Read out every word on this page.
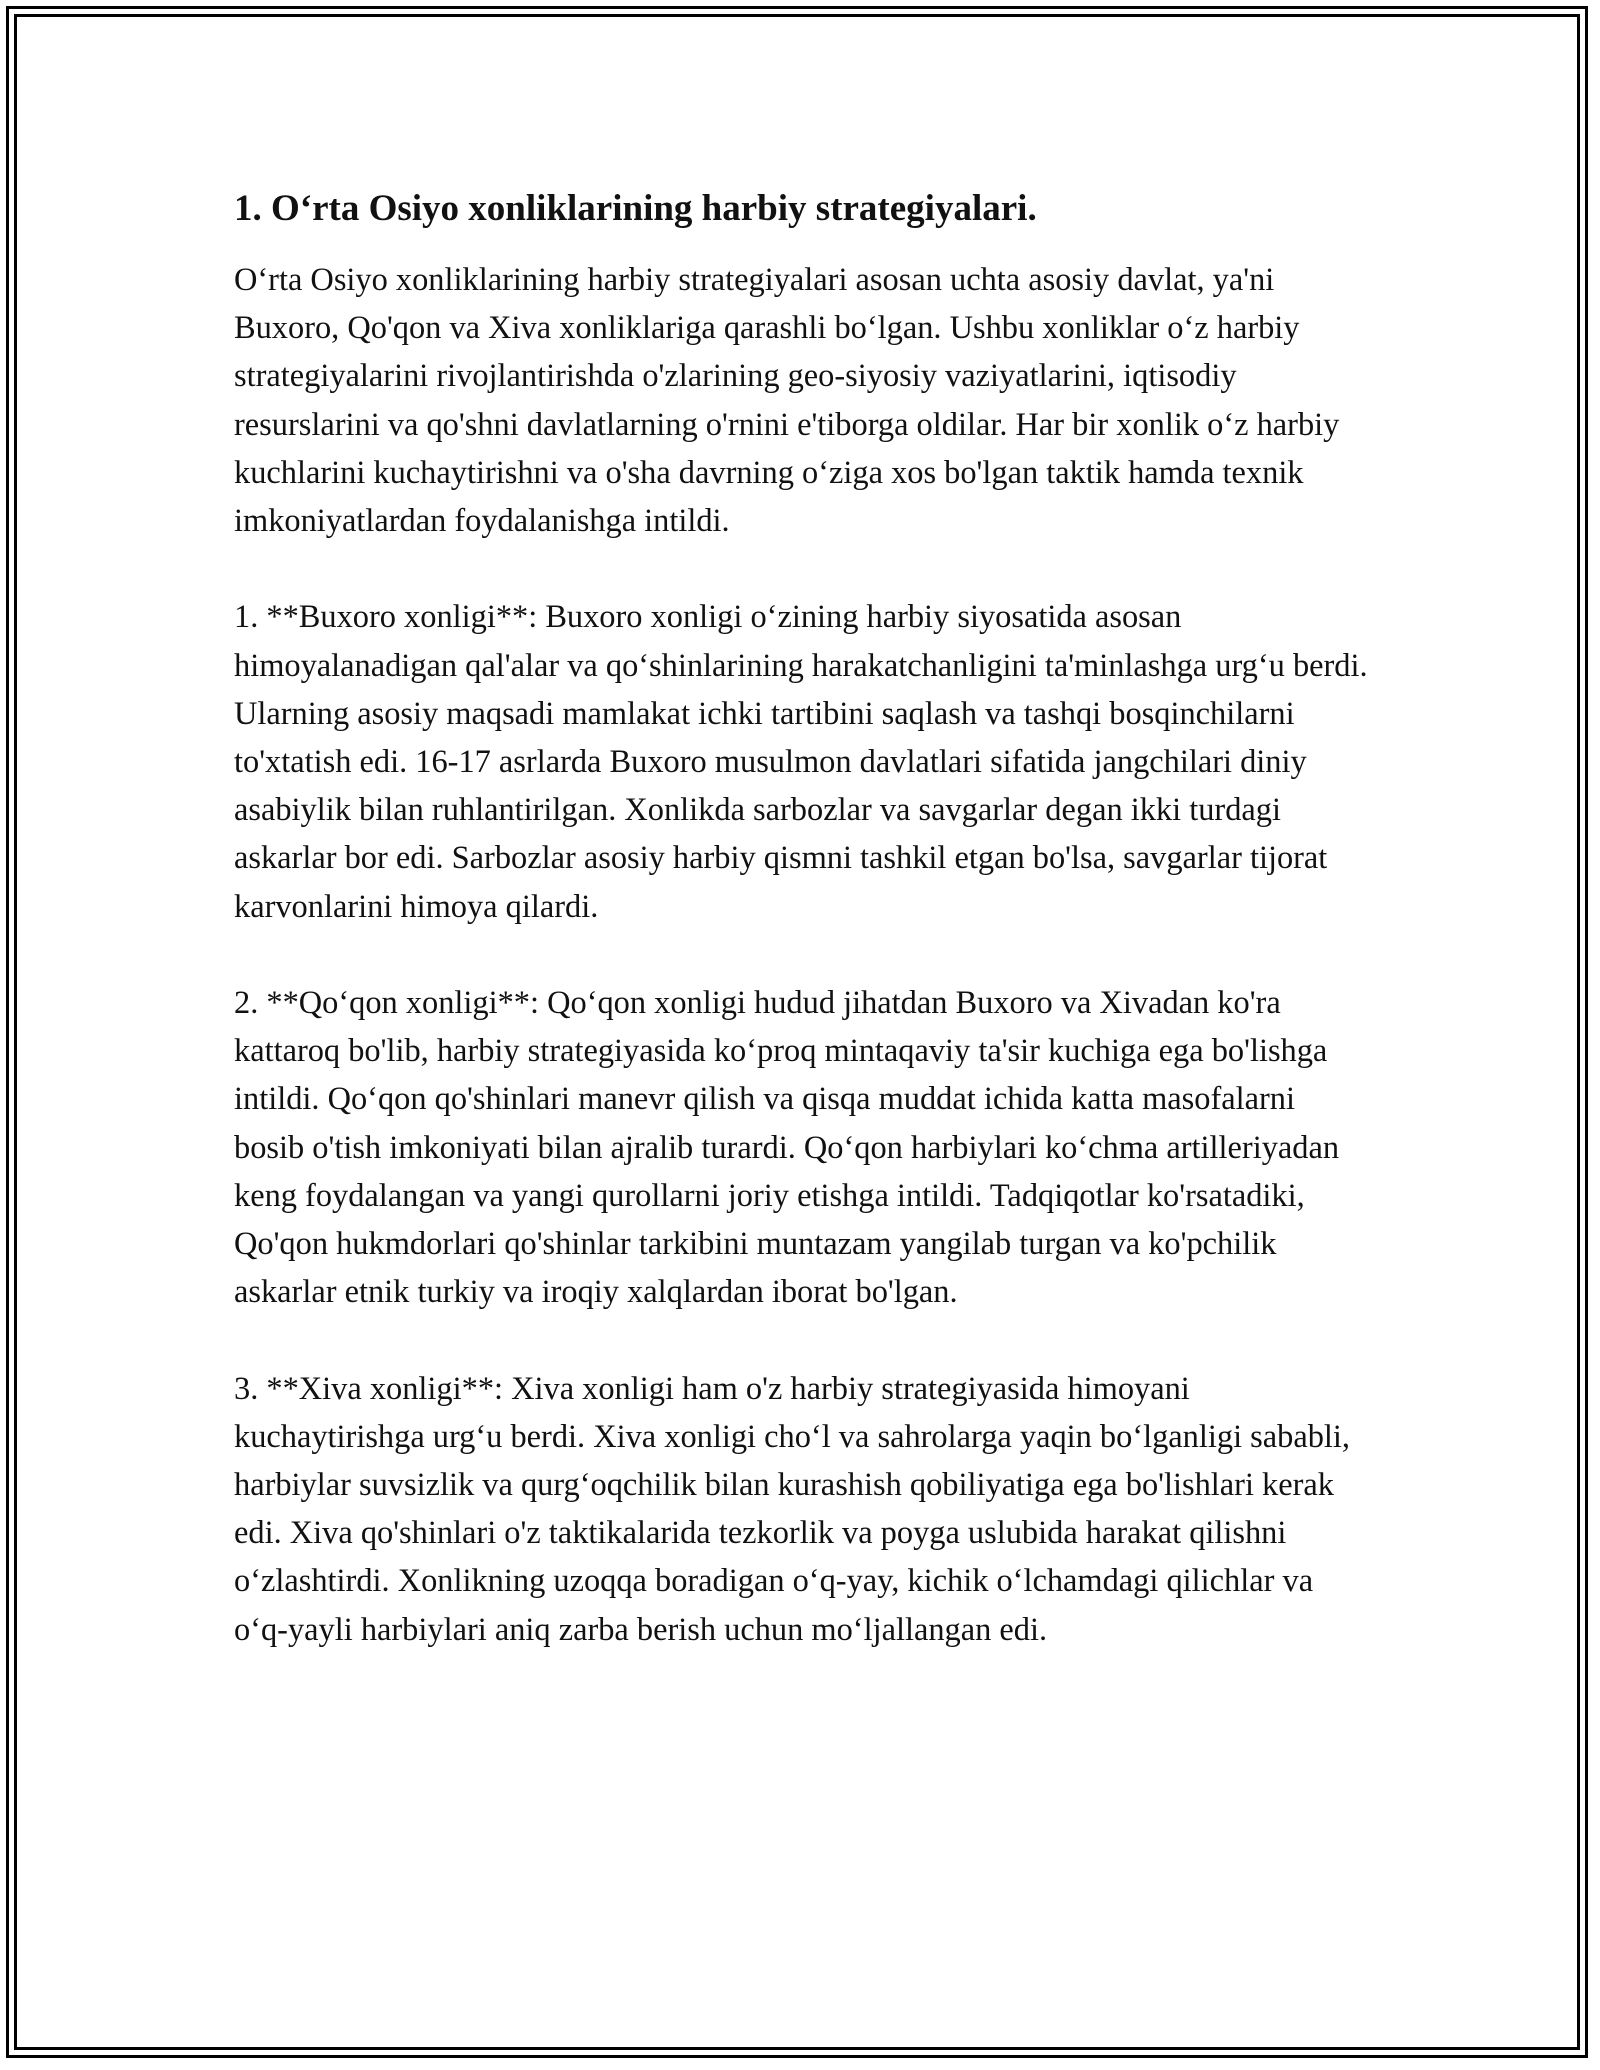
1. O‘rta Osiyo xonliklarining harbiy strategiyalari.

O‘rta Osiyo xonliklarining harbiy strategiyalari asosan uchta asosiy davlat, ya'ni Buxoro, Qo'qon va Xiva xonliklariga qarashli bo‘lgan. Ushbu xonliklar o‘z harbiy strategiyalarini rivojlantirishda o'zlarining geo-siyosiy vaziyatlarini, iqtisodiy resurslarini va qo'shni davlatlarning o'rnini e'tiborga oldilar. Har bir xonlik o‘z harbiy kuchlarini kuchaytirishni va o'sha davrning o‘ziga xos bo'lgan taktik hamda texnik imkoniyatlardan foydalanishga intildi.

1. **Buxoro xonligi**: Buxoro xonligi o‘zining harbiy siyosatida asosan himoyalanadigan qal'alar va qo‘shinlarining harakatchanligini ta'minlashga urg‘u berdi. Ularning asosiy maqsadi mamlakat ichki tartibini saqlash va tashqi bosqinchilarni to'xtatish edi. 16-17 asrlarda Buxoro musulmon davlatlari sifatida jangchilari diniy asabiylik bilan ruhlantirilgan. Xonlikda sarbozlar va savgarlar degan ikki turdagi askarlar bor edi. Sarbozlar asosiy harbiy qismni tashkil etgan bo'lsa, savgarlar tijorat karvonlarini himoya qilardi.

2. **Qo‘qon xonligi**: Qo‘qon xonligi hudud jihatdan Buxoro va Xivadan ko'ra kattaroq bo'lib, harbiy strategiyasida ko‘proq mintaqaviy ta'sir kuchiga ega bo'lishga intildi. Qo‘qon qo'shinlari manevr qilish va qisqa muddat ichida katta masofalarni bosib o'tish imkoniyati bilan ajralib turardi. Qo‘qon harbiylari ko‘chma artilleriyadan keng foydalangan va yangi qurollarni joriy etishga intildi. Tadqiqotlar ko'rsatadiki, Qo'qon hukmdorlari qo'shinlar tarkibini muntazam yangilab turgan va ko'pchilik askarlar etnik turkiy va iroqiy xalqlardan iborat bo'lgan.

3. **Xiva xonligi**: Xiva xonligi ham o'z harbiy strategiyasida himoyani kuchaytirishga urg‘u berdi. Xiva xonligi cho‘l va sahrolarga yaqin bo‘lganligi sababli, harbiylar suvsizlik va qurg‘oqchilik bilan kurashish qobiliyatiga ega bo'lishlari kerak edi. Xiva qo'shinlari o'z taktikalarida tezkorlik va poyga uslubida harakat qilishni o‘zlashtirdi. Xonlikning uzoqqa boradigan o‘q-yay, kichik o‘lchamdagi qilichlar va o‘q-yayli harbiylari aniq zarba berish uchun mo‘ljallangan edi.
